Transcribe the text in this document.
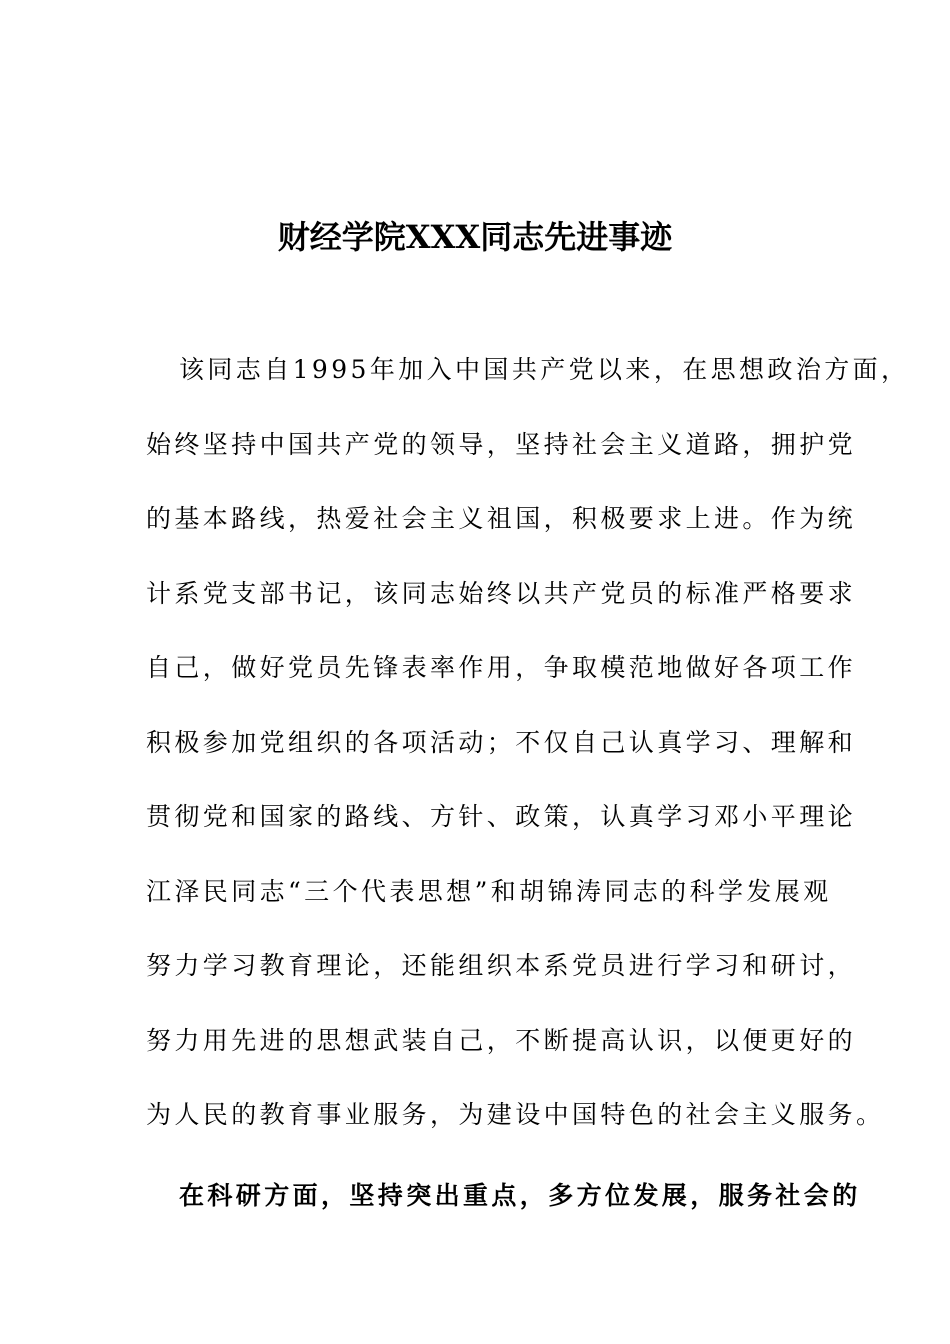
财经学院XXX同志先进事迹
该同志自1995年加入中国共产党以来，在思想政治方面，
始终坚持中国共产党的领导，坚持社会主义道路，拥护党
的基本路线，热爱社会主义祖国，积极要求上进。作为统
计系党支部书记，该同志始终以共产党员的标准严格要求
自己，做好党员先锋表率作用，争取模范地做好各项工作
积极参加党组织的各项活动；不仅自己认真学习、理解和
贯彻党和国家的路线、方针、政策，认真学习邓小平理论
江泽民同志“三个代表思想”和胡锦涛同志的科学发展观
努力学习教育理论，还能组织本系党员进行学习和研讨，
努力用先进的思想武装自己，不断提高认识，以便更好的
为人民的教育事业服务，为建设中国特色的社会主义服务。
在科研方面，坚持突出重点，多方位发展，服务社会的
